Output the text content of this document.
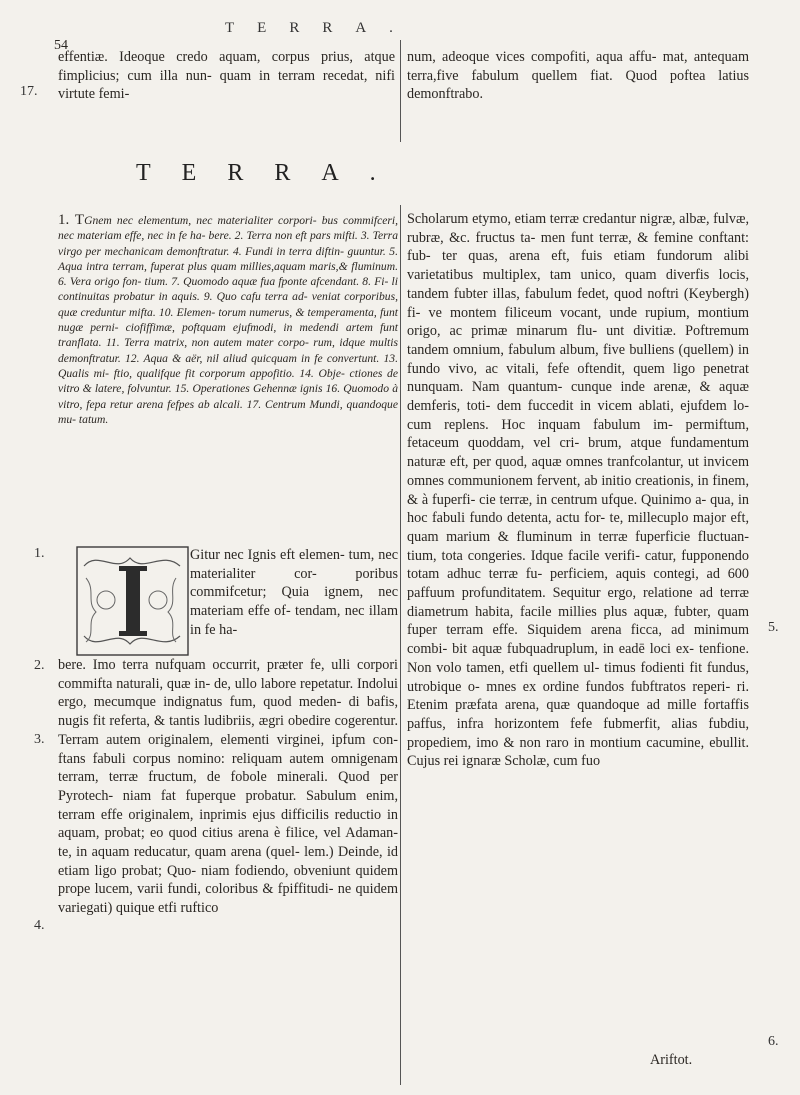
TERRA.
54
17.

effentiæ. Ideoque credo aquam, corpus prius, atque fimplicius; cum illa nun- quam in terram recedat, nifi virtute femi-

num, adeoque vices compofiti, aqua affu- mat, antequam terra,five fabulum quellem fiat. Quod poftea latius demonftrabo.

TERRA.
1. TGnem nec elementum, nec materialiter corpori- bus commifceri, nec materiam effe, nec in fe ha- bere. 2. Terra non eft pars mifti. 3. Terra virgo per mechanicam demonftratur. 4. Fundi in terra diftin- guuntur. 5. Aqua intra terram, fuperat plus quam millies,aquam maris,& fluminum. 6. Vera origo fon- tium. 7. Quomodo aquæ fua fponte afcendant. 8. Fi- li continuitas probatur in aquis. 9. Quo cafu terra ad- veniat corporibus, quæ creduntur mifta. 10. Elemen- torum numerus, & temperamenta, funt nugæ perni- ciofiffimæ, poftquam ejufmodi, in medendi artem funt tranflata. 11. Terra matrix, non autem mater corpo- rum, idque multis demonftratur. 12. Aqua & aër, nil aliud quicquam in fe convertunt. 13. Qualis mi- ftio, qualifque fit corporum appofitio. 14. Obje- ctiones de vitro & latere, folvuntur. 15. Operationes Gehennæ ignis 16. Quomodo à vitro, fepa retur arena fefpes ab alcali. 17. Centrum Mundi, quandoque mu- tatum.
1.	Gitur nec Ignis eft elemen- tum, nec materialiter cor- poribus commifcetur; Quia ignem, nec materiam effe of- tendam, nec illam in fe ha-
2.
3.
4.
bere. Imo terra nufquam occurrit, præter fe, ulli corpori commifta naturali, quæ in- de, ullo labore repetatur. Indolui ergo, mecumque indignatus fum, quod meden- di bafis, nugis fit referta, & tantis ludibriis, ægri obedire cogerentur. Terram autem originalem, elementi virginei, ipfum con- ftans fabuli corpus nomino: reliquam autem omnigenam terram, terræ fructum, de fobole minerali. Quod per Pyrotech- niam fat fuperque probatur. Sabulum enim, terram effe originalem, inprimis ejus difficilis reductio in aquam, probat; eo quod citius arena è filice, vel Adaman- te, in aquam reducatur, quam arena (quel- lem.) Deinde, id etiam ligo probat; Quo- niam fodiendo, obveniunt quidem prope lucem, varii fundi, coloribus & fpiffitudi- ne quidem variegati) quique etfi ruftico
Scholarum etymo, etiam terræ credantur nigræ, albæ, fulvæ, rubræ, &c. fructus ta- men funt terræ, & femine conftant: fub- ter quas, arena eft, fuis etiam fundorum alibi varietatibus multiplex, tam unico, quam diverfis locis, tandem fubter illas, fabulum fedet, quod noftri (Keybergh) fi- ve montem filiceum vocant, unde rupium, montium origo, ac primæ minarum flu- unt divitiæ. Poftremum tandem omnium, fabulum album, five bulliens (quellem) in fundo vivo, ac vitali, fefe oftendit, quem ligo penetrat nunquam. Nam quantum- cunque inde arenæ, & aquæ demferis, toti- dem fuccedit in vicem ablati, ejufdem lo- cum replens. Hoc inquam fabulum im- permiftum, fetaceum quoddam, vel cri- brum, atque fundamentum naturæ eft, per quod, aquæ omnes tranfcolantur, ut invicem omnes communionem fervent, ab initio creationis, in finem, & à fuperfi- cie terræ, in centrum ufque. Quinimo a- qua, in hoc fabuli fundo detenta, actu for- te, millecuplo major eft, quam marium & fluminum in terræ fuperficie fluctuan- tium, tota congeries. Idque facile verifi- catur, fupponendo totam adhuc terræ fu- perficiem, aquis contegi, ad 600 paffuum profunditatem. Sequitur ergo, relatione ad terræ diametrum habita, facile millies plus aquæ, fubter, quam fuper terram effe. Siquidem arena ficca, ad minimum combi- bit aquæ fubquadruplum, in eadē loci ex- tenfione. Non volo tamen, etfi quellem ul- timus fodienti fit fundus, utrobique o- mnes ex ordine fundos fubftratos reperi- ri. Etenim præfata arena, quæ quandoque ad mille fortaffis paffus, infra horizontem fefe fubmerfit, alias fubdiu, propediem, imo & non raro in montium cacumine, ebullit. Cujus rei ignaræ Scholæ, cum fuo
5.
6.
Ariftot.
